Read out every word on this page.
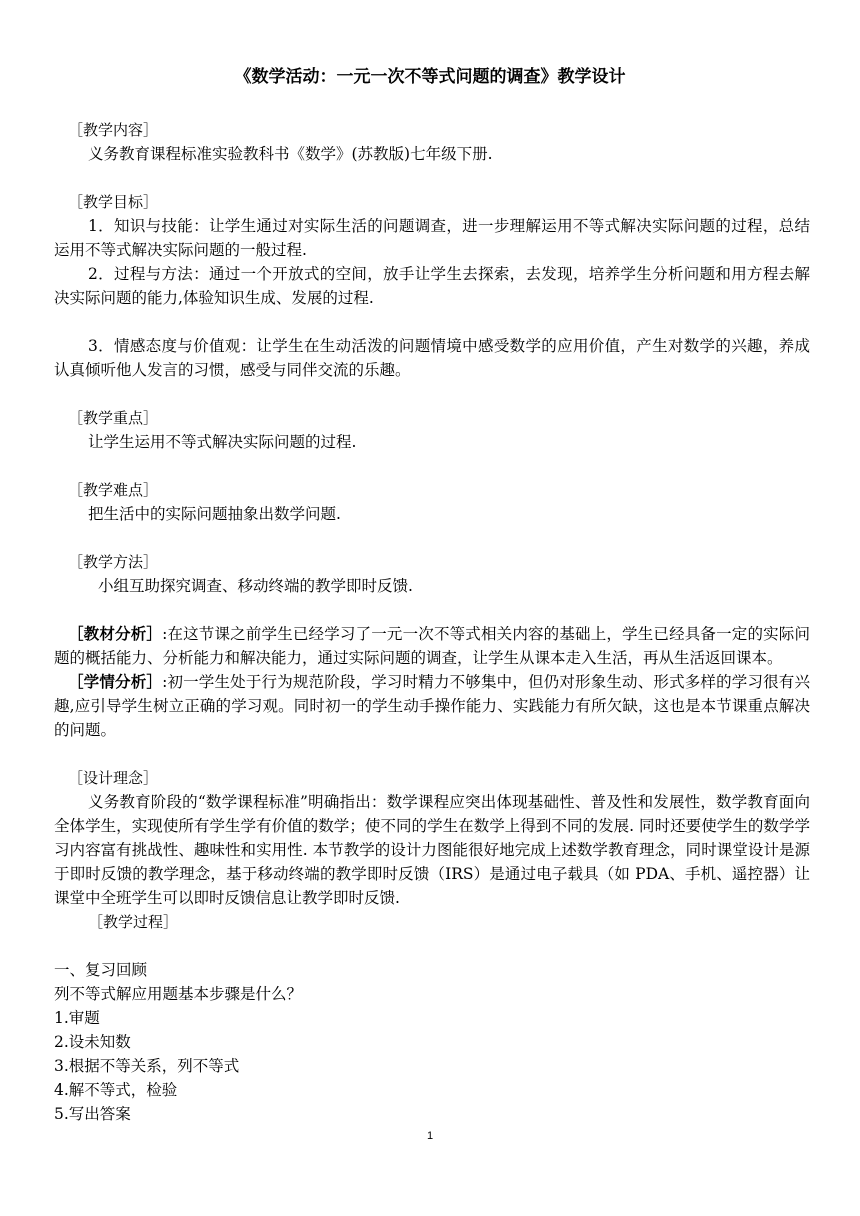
《数学活动：一元一次不等式问题的调查》教学设计
［教学内容］
义务教育课程标准实验教科书《数学》(苏教版)七年级下册.
［教学目标］
1．知识与技能：让学生通过对实际生活的问题调查，进一步理解运用不等式解决实际问题的过程，总结运用不等式解决实际问题的一般过程.
2．过程与方法：通过一个开放式的空间，放手让学生去探索，去发现，培养学生分析问题和用方程去解决实际问题的能力,体验知识生成、发展的过程.
3．情感态度与价值观：让学生在生动活泼的问题情境中感受数学的应用价值，产生对数学的兴趣，养成认真倾听他人发言的习惯，感受与同伴交流的乐趣。
［教学重点］
让学生运用不等式解决实际问题的过程.
［教学难点］
把生活中的实际问题抽象出数学问题.
［教学方法］
小组互助探究调查、移动终端的教学即时反馈.
［教材分析］:在这节课之前学生已经学习了一元一次不等式相关内容的基础上，学生已经具备一定的实际问题的概括能力、分析能力和解决能力，通过实际问题的调查，让学生从课本走入生活，再从生活返回课本。
［学情分析］:初一学生处于行为规范阶段，学习时精力不够集中，但仍对形象生动、形式多样的学习很有兴趣,应引导学生树立正确的学习观。同时初一的学生动手操作能力、实践能力有所欠缺，这也是本节课重点解决的问题。
［设计理念］
义务教育阶段的“数学课程标准”明确指出：数学课程应突出体现基础性、普及性和发展性，数学教育面向全体学生，实现使所有学生学有价值的数学；使不同的学生在数学上得到不同的发展. 同时还要使学生的数学学习内容富有挑战性、趣味性和实用性. 本节教学的设计力图能很好地完成上述数学教育理念，同时课堂设计是源于即时反馈的教学理念，基于移动终端的教学即时反馈（IRS）是通过电子载具（如 PDA、手机、遥控器）让课堂中全班学生可以即时反馈信息让教学即时反馈.
［教学过程］
一、复习回顾
列不等式解应用题基本步骤是什么？
1.审题
2.设未知数
3.根据不等关系，列不等式
4.解不等式，检验
5.写出答案
1
